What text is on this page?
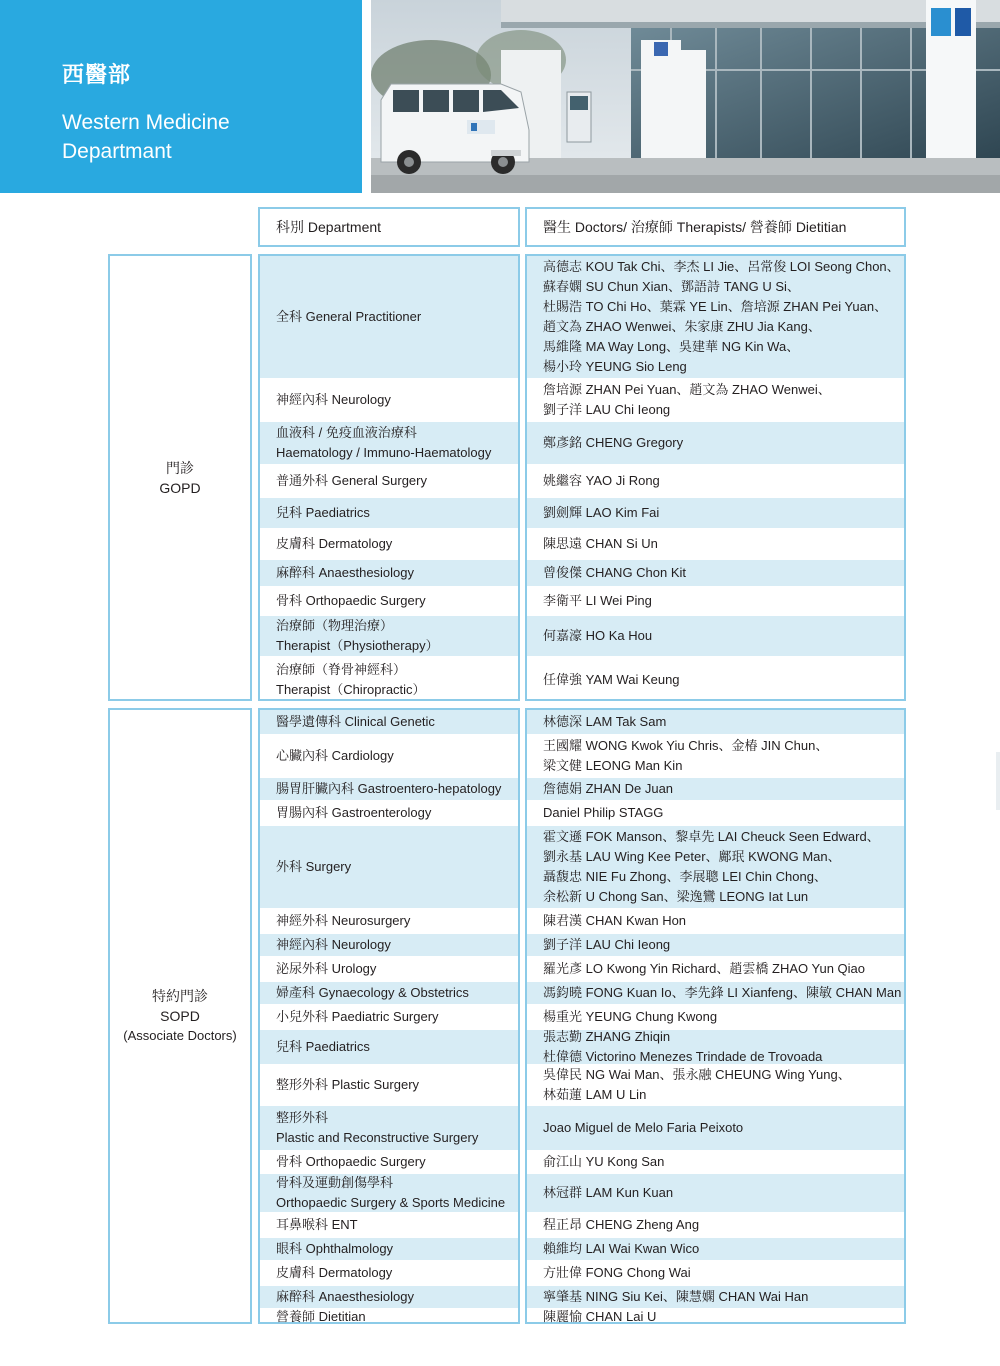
西醫部
Western Medicine
Departmant
科別 Department	醫生 Doctors/ 治療師 Therapists/ 營養師 Dietitian
門診
GOPD
特約門診
SOPD
(Associate Doctors)
全科 General Practitioner
神經內科 Neurology
血液科 / 免疫血液治療科
Haematology / Immuno-Haematology
普通外科 General Surgery
兒科 Paediatrics
皮膚科 Dermatology
麻醉科 Anaesthesiology
骨科 Orthopaedic Surgery
治療師（物理治療）
Therapist（Physiotherapy）
治療師（脊骨神經科）
Therapist（Chiropractic）
高德志 KOU Tak Chi、李杰 LI Jie、呂常俊 LOI Seong Chon、
蘇春嫻 SU Chun Xian、鄧語詩 TANG U Si、
杜賜浩 TO Chi Ho、葉霖 YE Lin、詹培源 ZHAN Pei Yuan、
趙文為 ZHAO Wenwei、朱家康 ZHU Jia Kang、
馬維隆 MA Way Long、吳建華 NG Kin Wa、
楊小玲 YEUNG Sio Leng
詹培源 ZHAN Pei Yuan、趙文為 ZHAO Wenwei、
劉子洋 LAU Chi Ieong
鄭彥銘 CHENG Gregory
姚繼容 YAO Ji Rong
劉劍輝 LAO Kim Fai
陳思遠 CHAN Si Un
曾俊傑 CHANG Chon Kit
李衛平 LI Wei Ping
何嘉濠 HO Ka Hou
任偉強 YAM Wai Keung
醫學遺傳科 Clinical Genetic
心臟內科 Cardiology
腸胃肝臟內科 Gastroentero-hepatology
胃腸內科 Gastroenterology
外科 Surgery
神經外科 Neurosurgery
神經內科 Neurology
泌尿外科 Urology
婦產科 Gynaecology & Obstetrics
小兒外科 Paediatric Surgery
兒科 Paediatrics
整形外科 Plastic Surgery
整形外科
Plastic and Reconstructive Surgery
骨科 Orthopaedic Surgery
骨科及運動創傷學科
Orthopaedic Surgery & Sports Medicine
耳鼻喉科 ENT
眼科 Ophthalmology
皮膚科 Dermatology
麻醉科 Anaesthesiology
營養師 Dietitian
林德深 LAM Tak Sam
王國耀 WONG Kwok Yiu Chris、金椿 JIN Chun、
梁文健 LEONG Man Kin
詹德娟 ZHAN De Juan
Daniel Philip STAGG
霍文遜 FOK Manson、黎卓先 LAI Cheuck Seen Edward、
劉永基 LAU Wing Kee Peter、鄺珉 KWONG Man、
聶馥忠 NIE Fu Zhong、李展聰 LEI Chin Chong、
余松新 U Chong San、梁逸鸞 LEONG Iat Lun
陳君漢 CHAN Kwan Hon
劉子洋 LAU Chi Ieong
羅光彥 LO Kwong Yin Richard、趙雲橋 ZHAO Yun Qiao
馮鈞曉 FONG Kuan Io、李先鋒 LI Xianfeng、陳敏 CHAN Man
楊重光 YEUNG Chung Kwong
張志勤 ZHANG Zhiqin
杜偉德 Victorino Menezes Trindade de Trovoada
吳偉民 NG Wai Man、張永融 CHEUNG Wing Yung、
林茹蓮 LAM U Lin
Joao Miguel de Melo Faria Peixoto
俞江山 YU Kong San
林冠群 LAM Kun Kuan
程正昂 CHENG Zheng Ang
賴維均 LAI Wai Kwan Wico
方壯偉 FONG Chong Wai
寧肇基 NING Siu Kei、陳慧嫻 CHAN Wai Han
陳麗愉 CHAN Lai U
